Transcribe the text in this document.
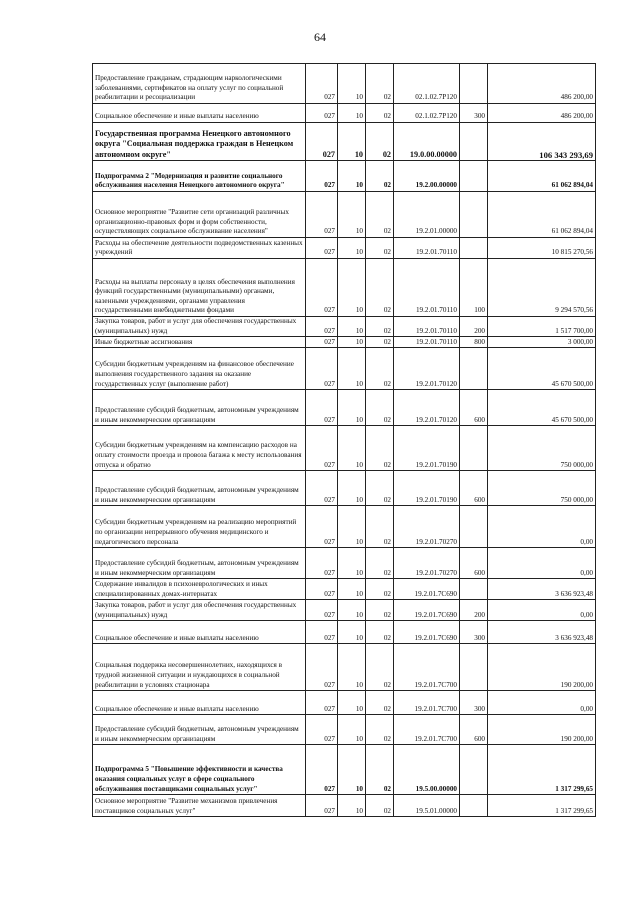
64
Предоставление гражданам, страдающим наркологическими заболеваниями, сертификатов на оплату услуг по социальной реабилитации и ресоциализации	027	10	02	02.1.02.7Р120		486 200,00
Социальное обеспечение и иные выплаты населению	027	10	02	02.1.02.7Р120	300	486 200,00
Государственная программа Ненецкого автономного округа "Социальная поддержка граждан в Ненецком автономном округе"	027	10	02	19.0.00.00000		106 343 293,69
Подпрограмма 2 "Модернизация и развитие социального обслуживания населения Ненецкого автономного округа"	027	10	02	19.2.00.00000		61 062 894,04
Основное мероприятие "Развитие сети организаций различных организационно-правовых форм и форм собственности, осуществляющих социальное обслуживание населения"	027	10	02	19.2.01.00000		61 062 894,04
Расходы на обеспечение деятельности подведомственных казенных учреждений	027	10	02	19.2.01.70110		10 815 270,56
Расходы на выплаты персоналу в целях обеспечения выполнения функций государственными (муниципальными) органами, казенными учреждениями, органами управления государственными внебюджетными фондами	027	10	02	19.2.01.70110	100	9 294 570,56
Закупка товаров, работ и услуг для обеспечения государственных (муниципальных) нужд	027	10	02	19.2.01.70110	200	1 517 700,00
Иные бюджетные ассигнования	027	10	02	19.2.01.70110	800	3 000,00
Субсидии бюджетным учреждениям на финансовое обеспечение выполнения государственного задания на оказание государственных услуг (выполнение работ)	027	10	02	19.2.01.70120		45 670 500,00
Предоставление субсидий бюджетным, автономным учреждениям и иным некоммерческим организациям	027	10	02	19.2.01.70120	600	45 670 500,00
Субсидии бюджетным учреждениям на компенсацию расходов на оплату стоимости проезда и провоза багажа к месту использования отпуска и обратно	027	10	02	19.2.01.70190		750 000,00
Предоставление субсидий бюджетным, автономным учреждениям и иным некоммерческим организациям	027	10	02	19.2.01.70190	600	750 000,00
Субсидии бюджетным учреждениям на реализацию мероприятий по организации непрерывного обучения медицинского и педагогического персонала	027	10	02	19.2.01.70270		0,00
Предоставление субсидий бюджетным, автономным учреждениям и иным некоммерческим организациям	027	10	02	19.2.01.70270	600	0,00
Содержание инвалидов в психоневрологических и иных специализированных домах-интернатах	027	10	02	19.2.01.7С690		3 636 923,48
Закупка товаров, работ и услуг для обеспечения государственных (муниципальных) нужд	027	10	02	19.2.01.7С690	200	0,00
Социальное обеспечение и иные выплаты населению	027	10	02	19.2.01.7С690	300	3 636 923,48
Социальная поддержка несовершеннолетних, находящихся в трудной жизненной ситуации и нуждающихся в социальной реабилитации в условиях стационара	027	10	02	19.2.01.7С700		190 200,00
Социальное обеспечение и иные выплаты населению	027	10	02	19.2.01.7С700	300	0,00
Предоставление субсидий бюджетным, автономным учреждениям и иным некоммерческим организациям	027	10	02	19.2.01.7С700	600	190 200,00
Подпрограмма 5 "Повышение эффективности и качества оказания социальных услуг в сфере социального обслуживания поставщиками социальных услуг"	027	10	02	19.5.00.00000		1 317 299,65
Основное мероприятие "Развитие механизмов привлечения поставщиков социальных услуг"	027	10	02	19.5.01.00000		1 317 299,65
